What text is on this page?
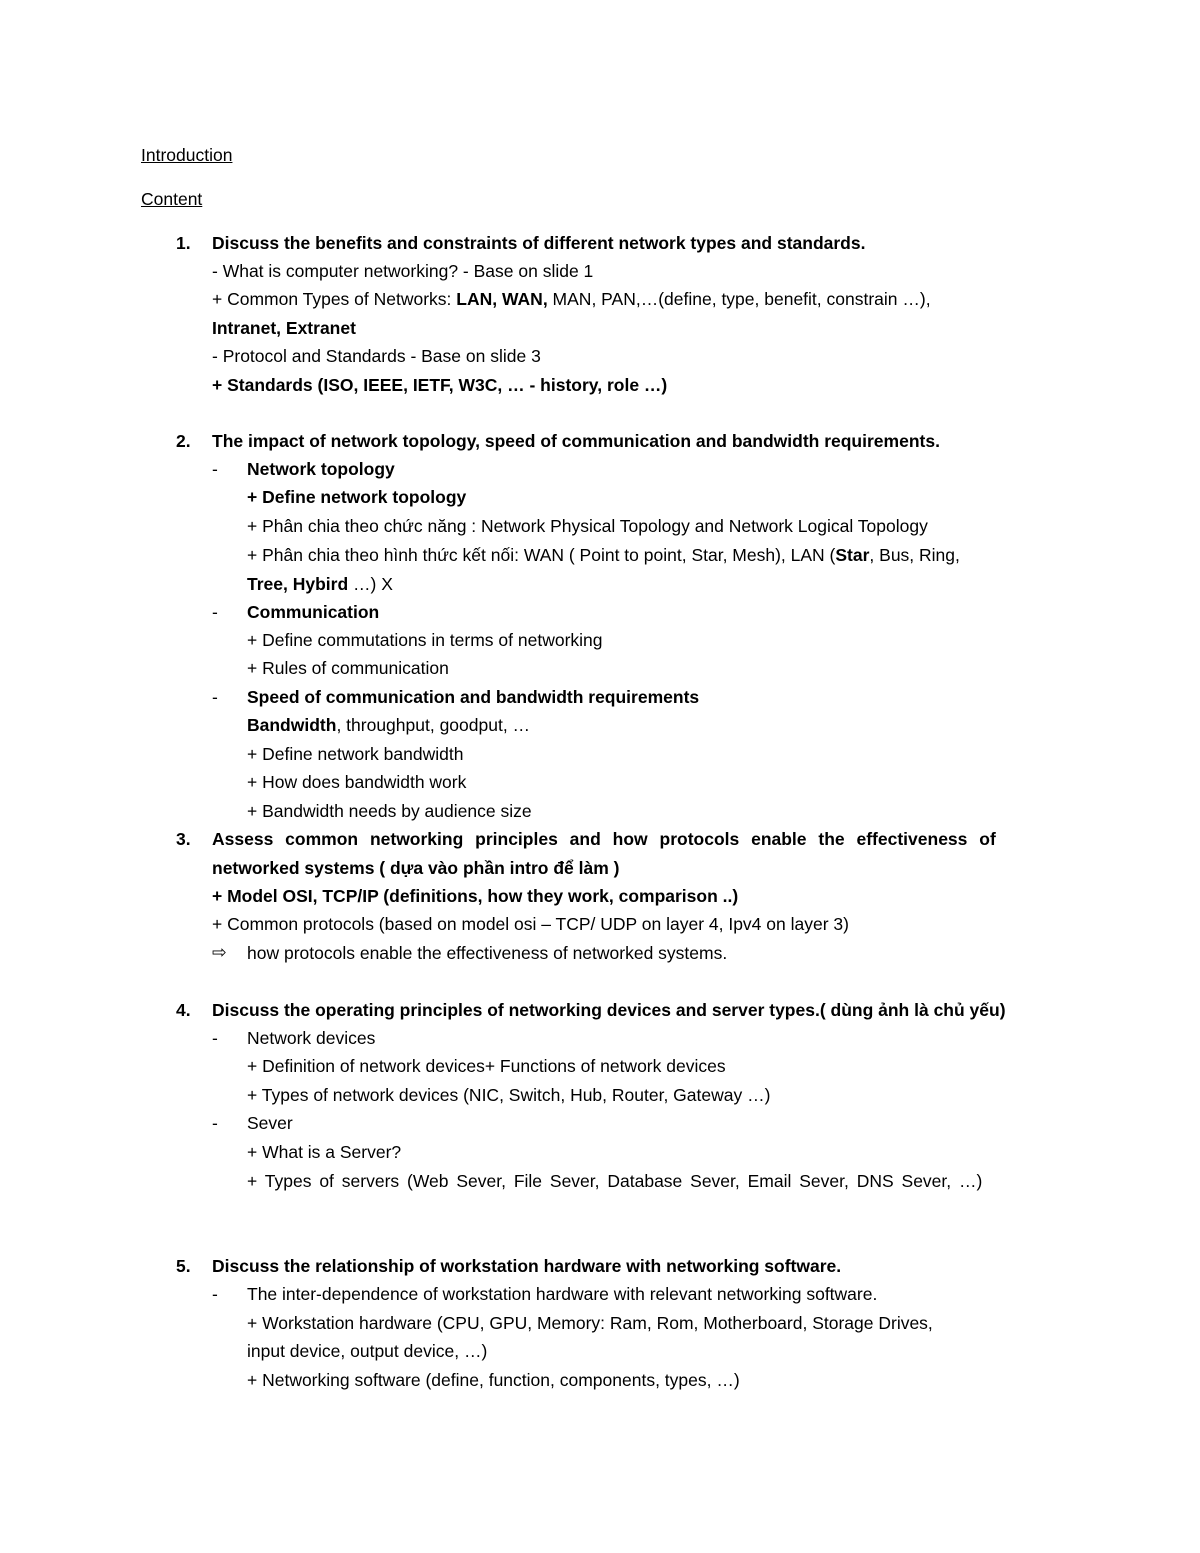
Introduction
Content
1. Discuss the benefits and constraints of different network types and standards.
- What is computer networking? - Base on slide 1
+ Common Types of Networks: LAN, WAN, MAN, PAN,…(define, type, benefit, constrain …),
Intranet, Extranet
- Protocol and Standards - Base on slide 3
+ Standards (ISO, IEEE, IETF, W3C, … - history, role …)
2. The impact of network topology, speed of communication and bandwidth requirements.
- Network topology
+ Define network topology
+ Phân chia theo chức năng : Network Physical Topology and Network Logical Topology
+ Phân chia theo hình thức kết nối: WAN ( Point to point, Star, Mesh), LAN (Star, Bus, Ring,
Tree, Hybird …) X
- Communication
+ Define commutations in terms of networking
+ Rules of communication
- Speed of communication and bandwidth requirements
Bandwidth, throughput, goodput, …
+ Define network bandwidth
+ How does bandwidth work
+ Bandwidth needs by audience size
3. Assess common networking principles and how protocols enable the effectiveness of
networked systems ( dựa vào phần intro để làm )
+ Model OSI, TCP/IP (definitions, how they work, comparison ..)
+ Common protocols (based on model osi – TCP/ UDP on layer 4, Ipv4 on layer 3)
⇨ how protocols enable the effectiveness of networked systems.
4. Discuss the operating principles of networking devices and server types.( dùng ảnh là chủ yếu)
- Network devices
+ Definition of network devices+ Functions of network devices
+ Types of network devices (NIC, Switch, Hub, Router, Gateway …)
- Sever
+ What is a Server?
+ Types of servers (Web Sever, File Sever, Database Sever, Email Sever, DNS Sever, …)
5. Discuss the relationship of workstation hardware with networking software.
- The inter-dependence of workstation hardware with relevant networking software.
+ Workstation hardware (CPU, GPU, Memory: Ram, Rom, Motherboard, Storage Drives,
input device, output device, …)
+ Networking software (define, function, components, types, …)
